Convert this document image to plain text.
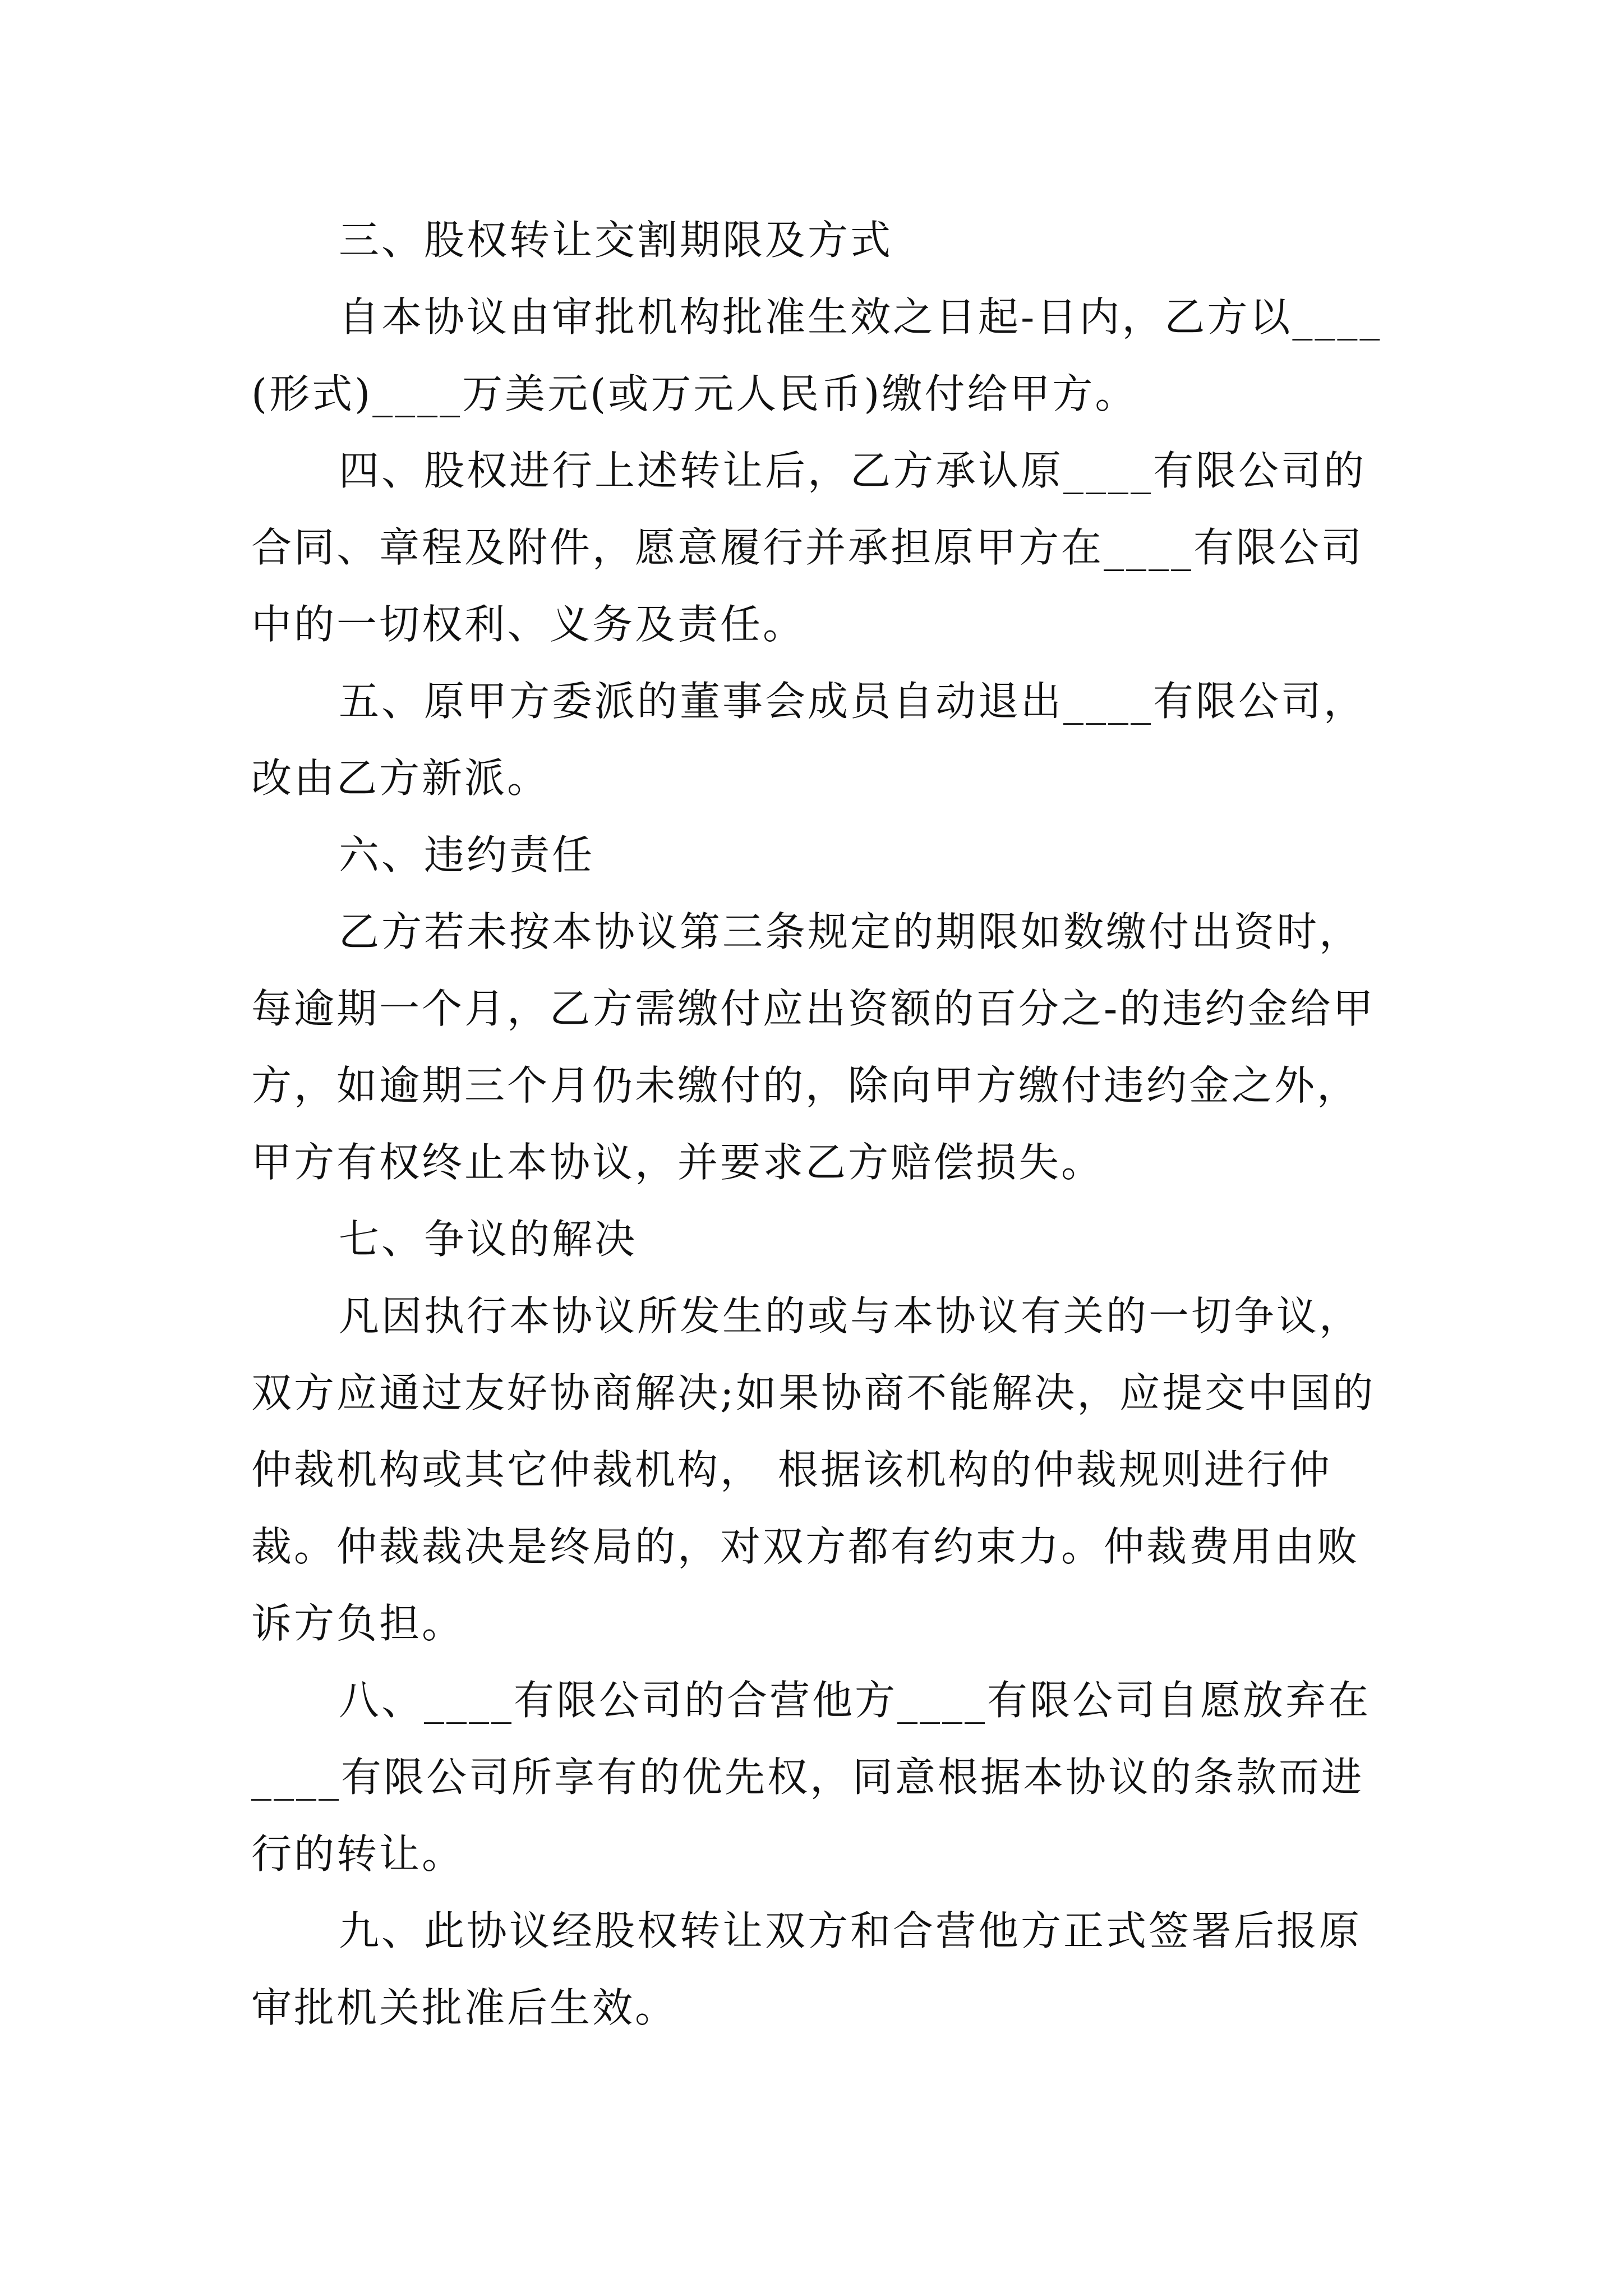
三、股权转让交割期限及方式

自本协议由审批机构批准生效之日起-日内，乙方以____(形式)____万美元(或万元人民币)缴付给甲方。

四、股权进行上述转让后，乙方承认原____有限公司的合同、章程及附件，愿意履行并承担原甲方在____有限公司中的一切权利、义务及责任。

五、原甲方委派的董事会成员自动退出____有限公司，改由乙方新派。

六、违约责任

乙方若未按本协议第三条规定的期限如数缴付出资时，每逾期一个月，乙方需缴付应出资额的百分之-的违约金给甲方，如逾期三个月仍未缴付的，除向甲方缴付违约金之外，甲方有权终止本协议，并要求乙方赔偿损失。

七、争议的解决

凡因执行本协议所发生的或与本协议有关的一切争议，双方应通过友好协商解决;如果协商不能解决，应提交中国的仲裁机构或其它仲裁机构， 根据该机构的仲裁规则进行仲裁。仲裁裁决是终局的，对双方都有约束力。仲裁费用由败诉方负担。

八、____有限公司的合营他方____有限公司自愿放弃在____有限公司所享有的优先权，同意根据本协议的条款而进行的转让。

九、此协议经股权转让双方和合营他方正式签署后报原审批机关批准后生效。
